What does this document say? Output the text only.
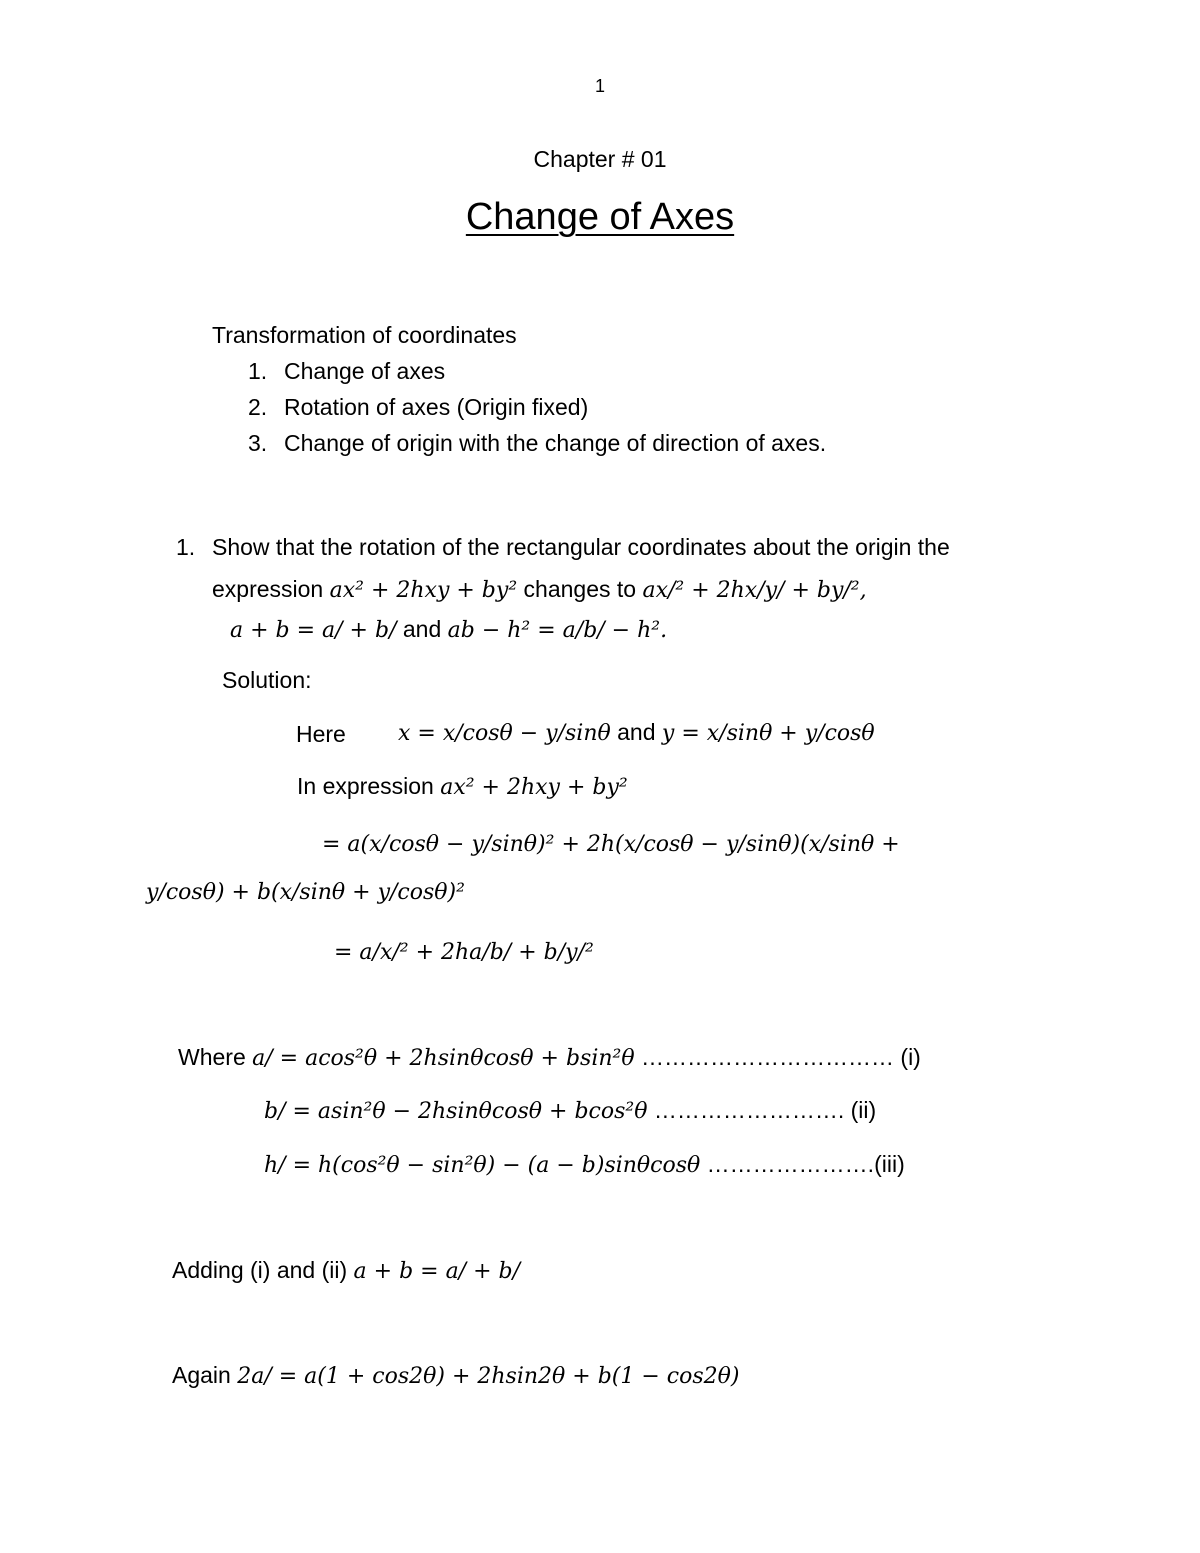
1
Chapter # 01
Change of Axes
Transformation of coordinates
1. Change of axes
2. Rotation of axes (Origin fixed)
3. Change of origin with the change of direction of axes.
1. Show that the rotation of the rectangular coordinates about the origin the
expression ax² + 2hxy + by² changes to ax/² + 2hx/y/ + by/²,
a + b = a/ + b/ and ab − h² = a/b/ − h².
Solution:
Here x = x/cosθ − y/sinθ and y = x/sinθ + y/cosθ
In expression ax² + 2hxy + by²
= a(x/cosθ − y/sinθ)² + 2h(x/cosθ − y/sinθ)(x/sinθ +
y/cosθ) + b(x/sinθ + y/cosθ)²
= a/x/² + 2ha/b/ + b/y/²
Where a/ = acos²θ + 2hsinθcosθ + bsin²θ …………………………… (i)
b/ = asin²θ − 2hsinθcosθ + bcos²θ ……………………. (ii)
h/ = h(cos²θ − sin²θ) − (a − b)sinθcosθ ………………….(iii)
Adding (i) and (ii) a + b = a/ + b/
Again 2a/ = a(1 + cos2θ) + 2hsin2θ + b(1 − cos2θ)
